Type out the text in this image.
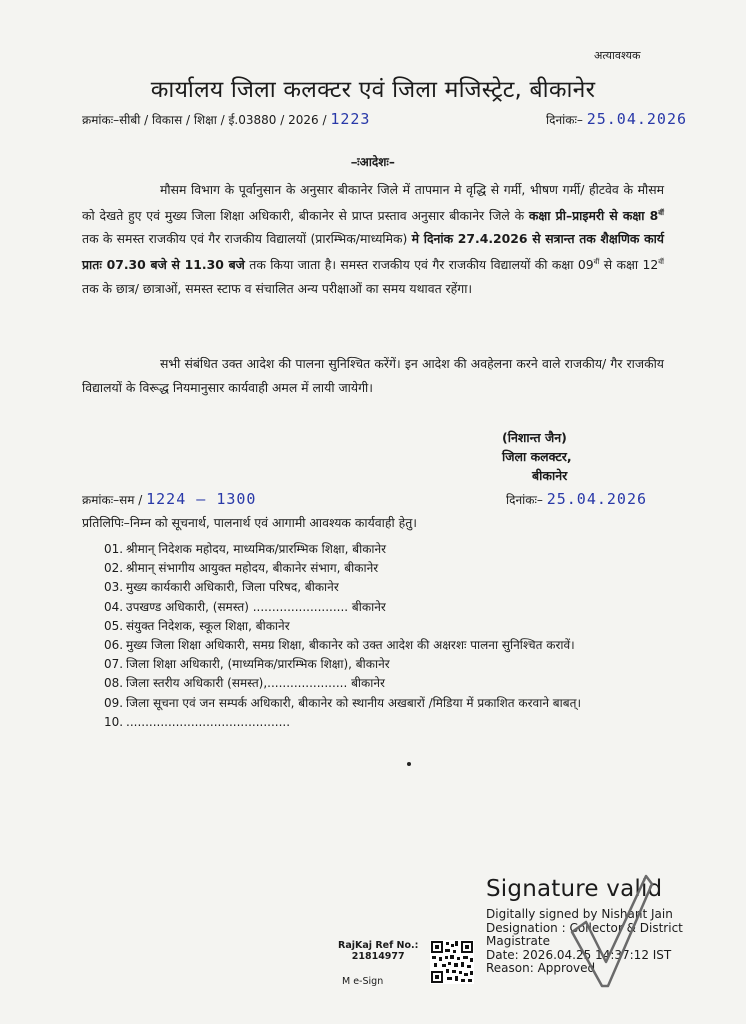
अत्यावश्यक
कार्यालय जिला कलक्टर एवं जिला मजिस्ट्रेट, बीकानेर
क्रमांकः–सीबी / विकास / शिक्षा / ई.03880 / 2026 / 1223	दिनांकः– 25.04.2026
–ःआदेशः–
मौसम विभाग के पूर्वानुसान के अनुसार बीकानेर जिले में तापमान मे वृद्धि से गर्मी, भीषण गर्मी/ हीटवेव के मौसम को देखते हुए एवं मुख्य जिला शिक्षा अधिकारी, बीकानेर से प्राप्त प्रस्ताव अनुसार बीकानेर जिले के कक्षा प्री–प्राइमरी से कक्षा $8^{वीं}$ तक के समस्त राजकीय एवं गैर राजकीय विद्यालयों (प्रारम्भिक/माध्यमिक) मे दिनांक 27.4.2026 से सत्रान्त तक शैक्षणिक कार्य प्रातः 07.30 बजे से 11.30 बजे तक किया जाता है। समस्त राजकीय एवं गैर राजकीय विद्यालयों की कक्षा $09^{वीं}$ से कक्षा $12^{वीं}$ तक के छात्र/ छात्राओं, समस्त स्टाफ व संचालित अन्य परीक्षाओं का समय यथावत रहेंगा।
सभी संबंधित उक्त आदेश की पालना सुनिश्चित करेंगें। इन आदेश की अवहेलना करने वाले राजकीय/ गैर राजकीय विद्यालयों के विरूद्ध नियमानुसार कार्यवाही अमल में लायी जायेगी।
(निशान्त जैन)
जिला कलक्टर,
बीकानेर
क्रमांकः–सम / 1224 – 1300	दिनांकः– 25.04.2026
प्रतिलिपिः–निम्न को सूचनार्थ, पालनार्थ एवं आगामी आवश्यक कार्यवाही हेतु।
01. श्रीमान् निदेशक महोदय, माध्यमिक/प्रारम्भिक शिक्षा, बीकानेर
02. श्रीमान् संभागीय आयुक्त महोदय, बीकानेर संभाग, बीकानेर
03. मुख्य कार्यकारी अधिकारी, जिला परिषद, बीकानेर
04. उपखण्ड अधिकारी, (समस्त) ......................... बीकानेर
05. संयुक्त निदेशक, स्कूल शिक्षा, बीकानेर
06. मुख्य जिला शिक्षा अधिकारी, समग्र शिक्षा, बीकानेर को उक्त आदेश की अक्षरशः पालना सुनिश्चित करावें।
07. जिला शिक्षा अधिकारी, (माध्यमिक/प्रारम्भिक शिक्षा), बीकानेर
08. जिला स्तरीय अधिकारी (समस्त),..................... बीकानेर
09. जिला सूचना एवं जन सम्पर्क अधिकारी, बीकानेर को स्थानीय अखबारों /मिडिया में प्रकाशित करवाने बाबत्।
10. ...........................................
RajKaj Ref No.:
21814977
M e-Sign
Signature valid
Digitally signed by Nishant Jain
Designation : Collector & District
Magistrate
Date: 2026.04.25 14:37:12 IST
Reason: Approved
